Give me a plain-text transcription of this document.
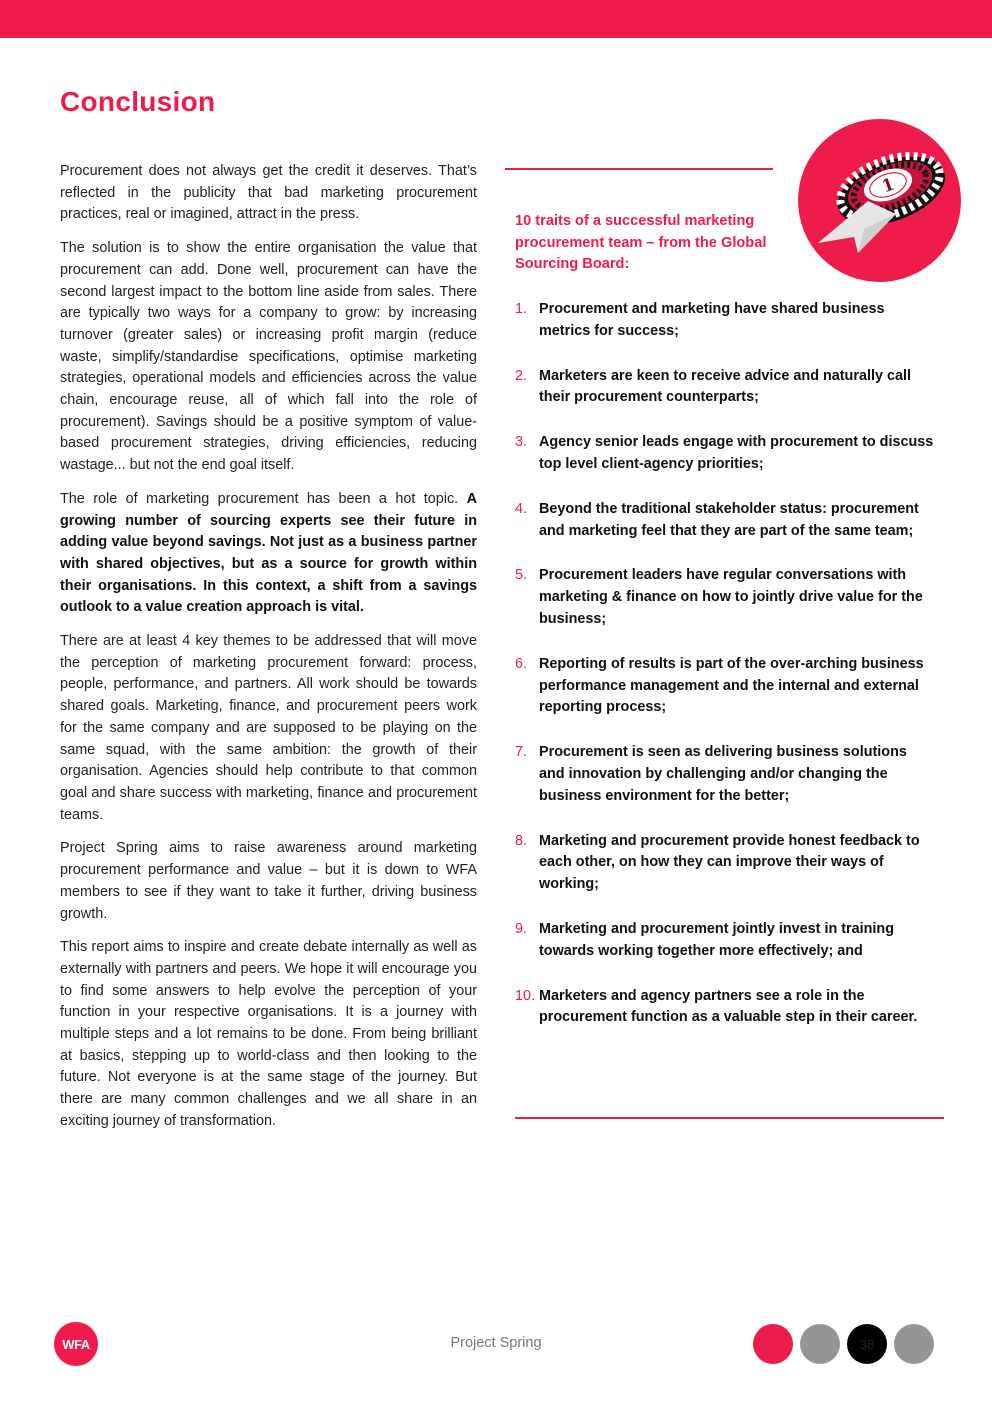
Conclusion

Procurement does not always get the credit it deserves. That’s reflected in the publicity that bad marketing procurement practices, real or imagined, attract in the press.

The solution is to show the entire organisation the value that procurement can add. Done well, procurement can have the second largest impact to the bottom line aside from sales. There are typically two ways for a company to grow: by increasing turnover (greater sales) or increasing profit margin (reduce waste, simplify/standardise specifications, optimise marketing strategies, operational models and efficiencies across the value chain, encourage reuse, all of which fall into the role of procurement). Savings should be a positive symptom of value-based procurement strategies, driving efficiencies, reducing wastage... but not the end goal itself.

The role of marketing procurement has been a hot topic. A growing number of sourcing experts see their future in adding value beyond savings. Not just as a business partner with shared objectives, but as a source for growth within their organisations. In this context, a shift from a savings outlook to a value creation approach is vital.

There are at least 4 key themes to be addressed that will move the perception of marketing procurement forward: process, people, performance, and partners. All work should be towards shared goals. Marketing, finance, and procurement peers work for the same company and are supposed to be playing on the same squad, with the same ambition: the growth of their organisation. Agencies should help contribute to that common goal and share success with marketing, finance and procurement teams.

Project Spring aims to raise awareness around marketing procurement performance and value – but it is down to WFA members to see if they want to take it further, driving business growth.

This report aims to inspire and create debate internally as well as externally with partners and peers. We hope it will encourage you to find some answers to help evolve the perception of your function in your respective organisations. It is a journey with multiple steps and a lot remains to be done. From being brilliant at basics, stepping up to world-class and then looking to the future. Not everyone is at the same stage of the journey. But there are many common challenges and we all share in an exciting journey of transformation.

1
10 traits of a successful marketing procurement team – from the Global Sourcing Board:
1. Procurement and marketing have shared business metrics for success;
2. Marketers are keen to receive advice and naturally call their procurement counterparts;
3. Agency senior leads engage with procurement to discuss top level client-agency priorities;
4. Beyond the traditional stakeholder status: procurement and marketing feel that they are part of the same team;
5. Procurement leaders have regular conversations with marketing & finance on how to jointly drive value for the business;
6. Reporting of results is part of the over-arching business performance management and the internal and external reporting process;
7. Procurement is seen as delivering business solutions and innovation by challenging and/or changing the business environment for the better;
8. Marketing and procurement provide honest feedback to each other, on how they can improve their ways of working;
9. Marketing and procurement jointly invest in training towards working together more effectively; and
10. Marketers and agency partners see a role in the procurement function as a valuable step in their career.
WFA	Project Spring	38
